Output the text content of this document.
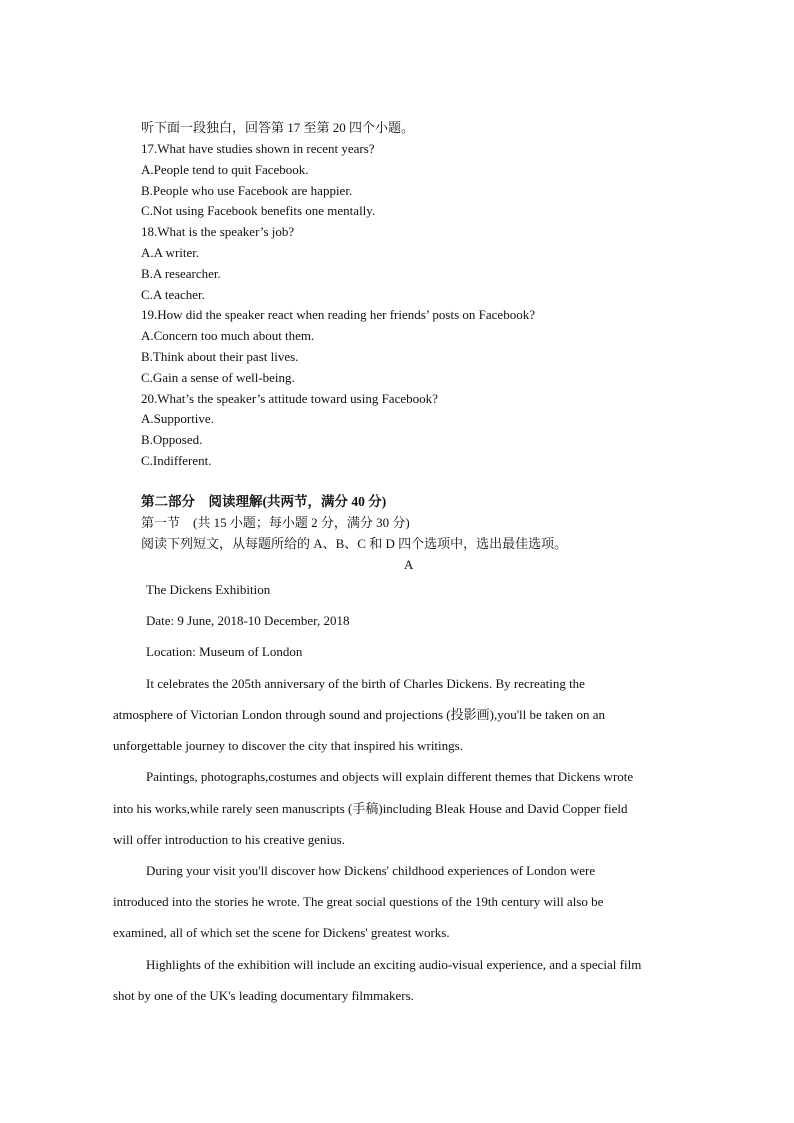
听下面一段独白，回答第 17 至第 20 四个小题。
17.What have studies shown in recent years?
A.People tend to quit Facebook.
B.People who use Facebook are happier.
C.Not using Facebook benefits one mentally.
18.What is the speaker’s job?
A.A writer.
B.A researcher.
C.A teacher.
19.How did the speaker react when reading her friends’ posts on Facebook?
A.Concern too much about them.
B.Think about their past lives.
C.Gain a sense of well-being.
20.What’s the speaker’s attitude toward using Facebook?
A.Supportive.
B.Opposed.
C.Indifferent.
第二部分　阅读理解(共两节，满分 40 分)
第一节　(共 15 小题；每小题 2 分，满分 30 分)
阅读下列短文，从每题所给的 A、B、C 和 D 四个选项中，选出最佳选项。
A
The Dickens Exhibition
Date: 9 June, 2018-10 December, 2018
Location: Museum of London
It celebrates the 205th anniversary of the birth of Charles Dickens. By recreating the
atmosphere of Victorian London through sound and projections (投影画),you'll be taken on an
unforgettable journey to discover the city that inspired his writings.
Paintings, photographs,costumes and objects will explain different themes that Dickens wrote
into his works,while rarely seen manuscripts (手稿)including Bleak House and David Copper field
will offer introduction to his creative genius.
During your visit you'll discover how Dickens' childhood experiences of London were
introduced into the stories he wrote. The great social questions of the 19th century will also be
examined, all of which set the scene for Dickens' greatest works.
Highlights of the exhibition will include an exciting audio-visual experience, and a special film
shot by one of the UK's leading documentary filmmakers.
